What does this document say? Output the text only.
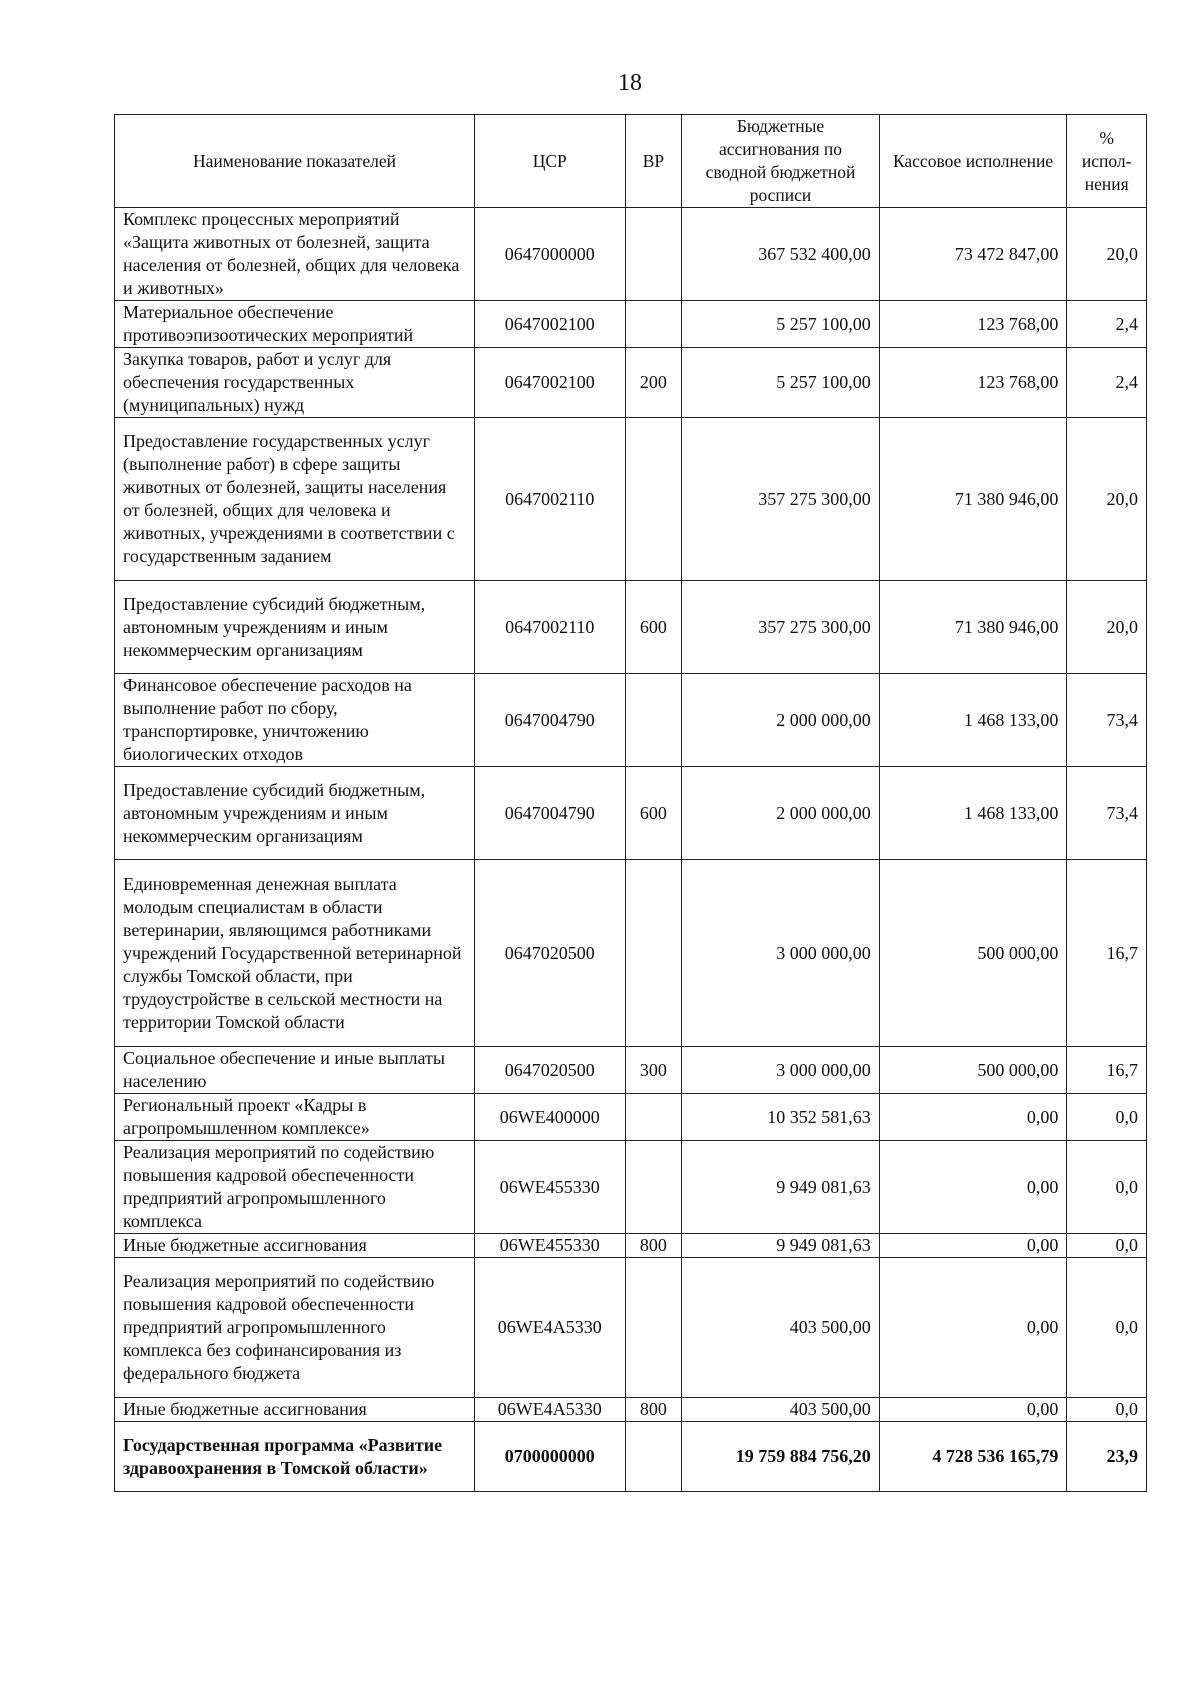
18
Наименование показателей	ЦСР	ВР	Бюджетные ассигнования по сводной бюджетной росписи	Кассовое исполнение	% испол-нения
Комплекс процессных мероприятий «Защита животных от болезней, защита населения от болезней, общих для человека и животных»	0647000000		367 532 400,00	73 472 847,00	20,0
Материальное обеспечение противоэпизоотических мероприятий	0647002100		5 257 100,00	123 768,00	2,4
Закупка товаров, работ и услуг для обеспечения государственных (муниципальных) нужд	0647002100	200	5 257 100,00	123 768,00	2,4
Предоставление государственных услуг (выполнение работ) в сфере защиты животных от болезней, защиты населения от болезней, общих для человека и животных, учреждениями в соответствии с государственным заданием	0647002110		357 275 300,00	71 380 946,00	20,0
Предоставление субсидий бюджетным, автономным учреждениям и иным некоммерческим организациям	0647002110	600	357 275 300,00	71 380 946,00	20,0
Финансовое обеспечение расходов на выполнение работ по сбору, транспортировке, уничтожению биологических отходов	0647004790		2 000 000,00	1 468 133,00	73,4
Предоставление субсидий бюджетным, автономным учреждениям и иным некоммерческим организациям	0647004790	600	2 000 000,00	1 468 133,00	73,4
Единовременная денежная выплата молодым специалистам в области ветеринарии, являющимся работниками учреждений Государственной ветеринарной службы Томской области, при трудоустройстве в сельской местности на территории Томской области	0647020500		3 000 000,00	500 000,00	16,7
Социальное обеспечение и иные выплаты населению	0647020500	300	3 000 000,00	500 000,00	16,7
Региональный проект «Кадры в агропромышленном комплексе»	06WE400000		10 352 581,63	0,00	0,0
Реализация мероприятий по содействию повышения кадровой обеспеченности предприятий агропромышленного комплекса	06WE455330		9 949 081,63	0,00	0,0
Иные бюджетные ассигнования	06WE455330	800	9 949 081,63	0,00	0,0
Реализация мероприятий по содействию повышения кадровой обеспеченности предприятий агропромышленного комплекса без софинансирования из федерального бюджета	06WE4A5330		403 500,00	0,00	0,0
Иные бюджетные ассигнования	06WE4A5330	800	403 500,00	0,00	0,0
Государственная программа «Развитие здравоохранения в Томской области»	0700000000		19 759 884 756,20	4 728 536 165,79	23,9
